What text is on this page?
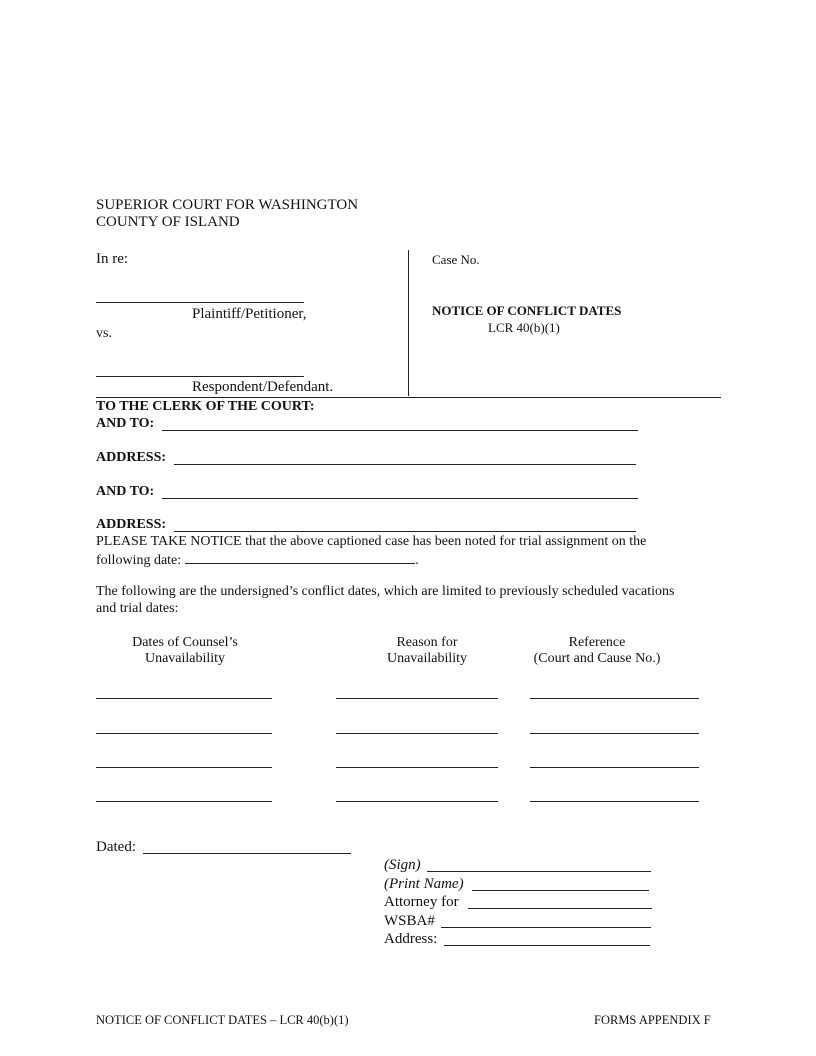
SUPERIOR COURT FOR WASHINGTON
COUNTY OF ISLAND
In re:
Plaintiff/Petitioner,
vs.
Respondent/Defendant.
Case No.
NOTICE OF CONFLICT DATES
LCR 40(b)(1)
TO THE CLERK OF THE COURT:
AND TO:
ADDRESS:
AND TO:
ADDRESS:
PLEASE TAKE NOTICE that the above captioned case has been noted for trial assignment on the
following date:	.
The following are the undersigned’s conflict dates, which are limited to previously scheduled vacations
and trial dates:
Dates of Counsel’s
Unavailability
Reason for
Unavailability
Reference
(Court and Cause No.)
Dated:
(Sign)
(Print Name)
Attorney for
WSBA#
Address:
NOTICE OF CONFLICT DATES – LCR 40(b)(1)	FORMS APPENDIX F
